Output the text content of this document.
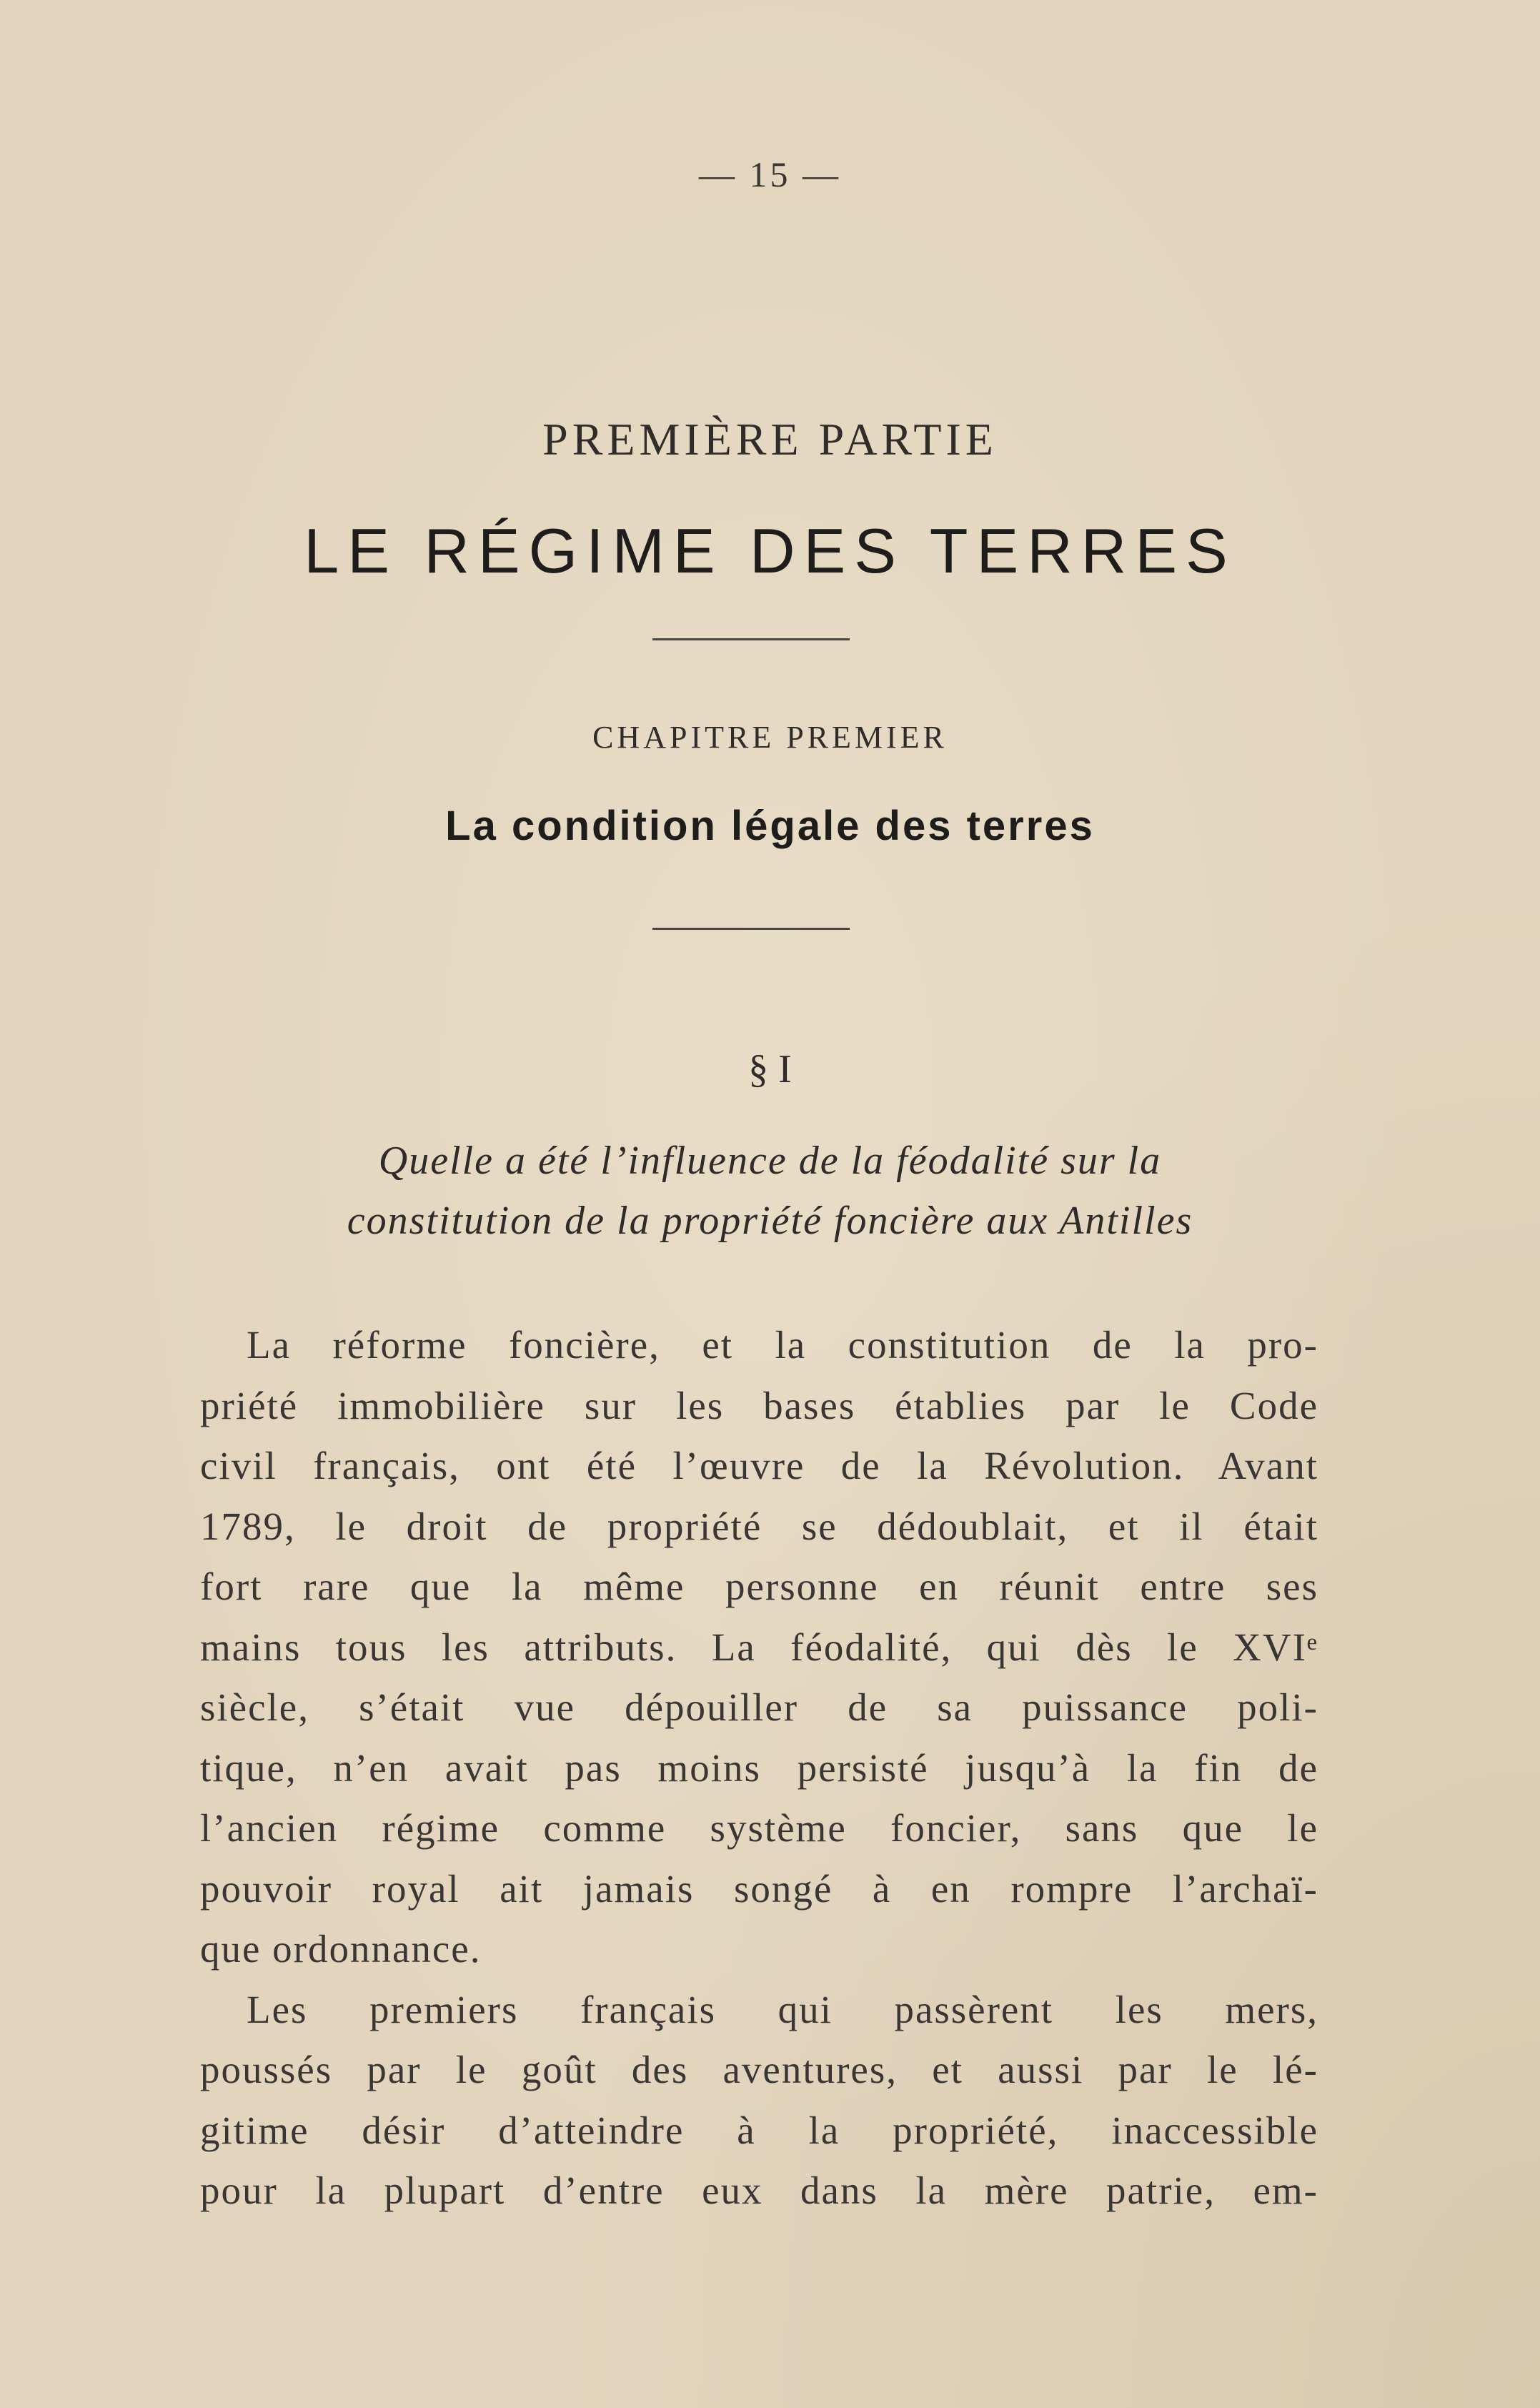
— 15 —
PREMIÈRE PARTIE
LE RÉGIME DES TERRES
CHAPITRE PREMIER
La condition légale des terres
§ I
Quelle a été l’influence de la féodalité sur la
constitution de la propriété foncière aux Antilles
La réforme foncière, et la constitution de la pro-
priété immobilière sur les bases établies par le Code
civil français, ont été l’œuvre de la Révolution. Avant
1789, le droit de propriété se dédoublait, et il était
fort rare que la même personne en réunit entre ses
mains tous les attributs. La féodalité, qui dès le XVIᵉ
siècle, s’était vue dépouiller de sa puissance poli-
tique, n’en avait pas moins persisté jusqu’à la fin de
l’ancien régime comme système foncier, sans que le
pouvoir royal ait jamais songé à en rompre l’archaï-
que ordonnance.
Les premiers français qui passèrent les mers,
poussés par le goût des aventures, et aussi par le lé-
gitime désir d’atteindre à la propriété, inaccessible
pour la plupart d’entre eux dans la mère patrie, em-
